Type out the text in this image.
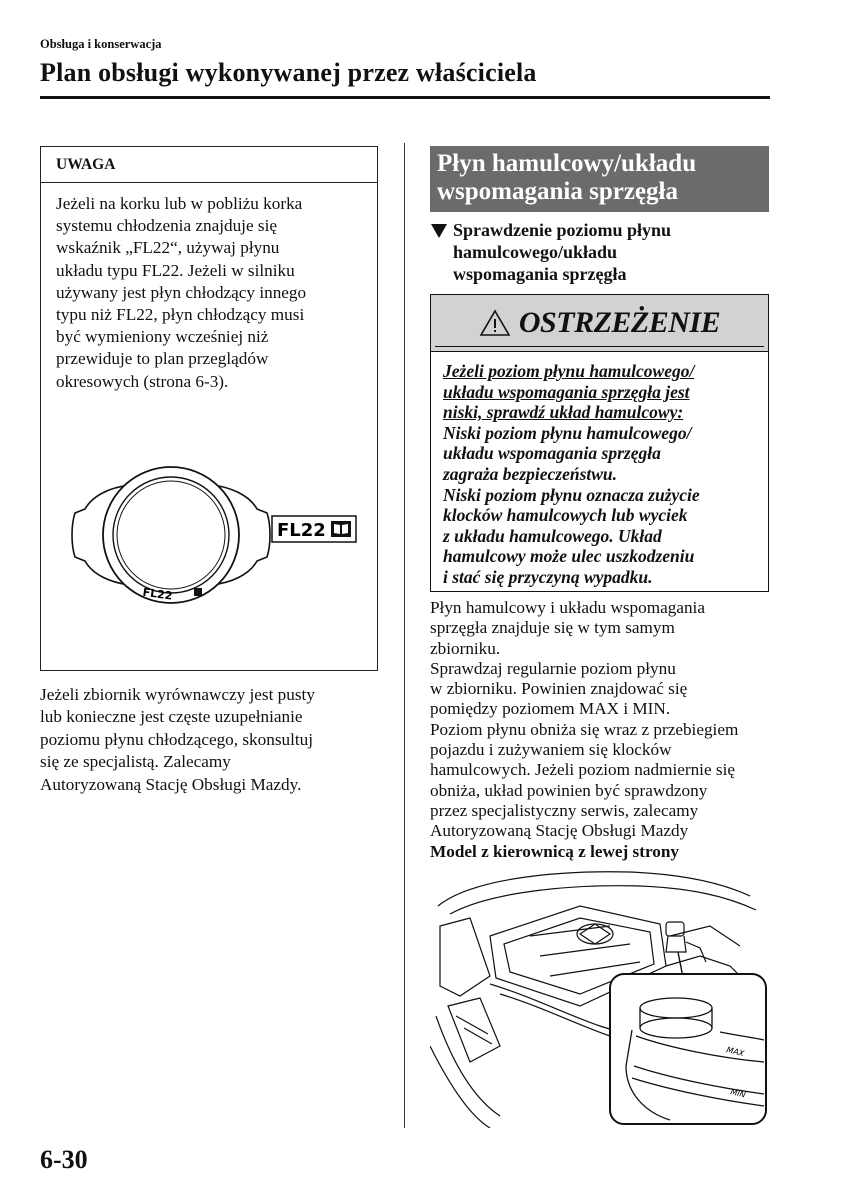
Obsługa i konserwacja
Plan obsługi wykonywanej przez właściciela
UWAGA
Jeżeli na korku lub w pobliżu korka
systemu chłodzenia znajduje się
wskaźnik „FL22“, używaj płynu
układu typu FL22. Jeżeli w silniku
używany jest płyn chłodzący innego
typu niż FL22, płyn chłodzący musi
być wymieniony wcześniej niż
przewiduje to plan przeglądów
okresowych (strona 6-3).
FL22
FL22
Jeżeli zbiornik wyrównawczy jest pusty
lub konieczne jest częste uzupełnianie
poziomu płynu chłodzącego, skonsultuj
się ze specjalistą. Zalecamy
Autoryzowaną Stację Obsługi Mazdy.
Płyn hamulcowy/układu
wspomagania sprzęgła
Sprawdzenie poziomu płynu
hamulcowego/układu
wspomagania sprzęgła
OSTRZEŻENIE
Jeżeli poziom płynu hamulcowego/
układu wspomagania sprzęgła jest
niski, sprawdź układ hamulcowy:
Niski poziom płynu hamulcowego/
układu wspomagania sprzęgła
zagraża bezpieczeństwu.
Niski poziom płynu oznacza zużycie
klocków hamulcowych lub wyciek
z układu hamulcowego. Układ
hamulcowy może ulec uszkodzeniu
i stać się przyczyną wypadku.
Płyn hamulcowy i układu wspomagania
sprzęgła znajduje się w tym samym
zbiorniku.
Sprawdzaj regularnie poziom płynu
w zbiorniku. Powinien znajdować się
pomiędzy poziomem MAX i MIN.
Poziom płynu obniża się wraz z przebiegiem
pojazdu i zużywaniem się klocków
hamulcowych. Jeżeli poziom nadmiernie się
obniża, układ powinien być sprawdzony
przez specjalistyczny serwis, zalecamy
Autoryzowaną Stację Obsługi Mazdy
Model z kierownicą z lewej strony
MAX
MIN
6-30
